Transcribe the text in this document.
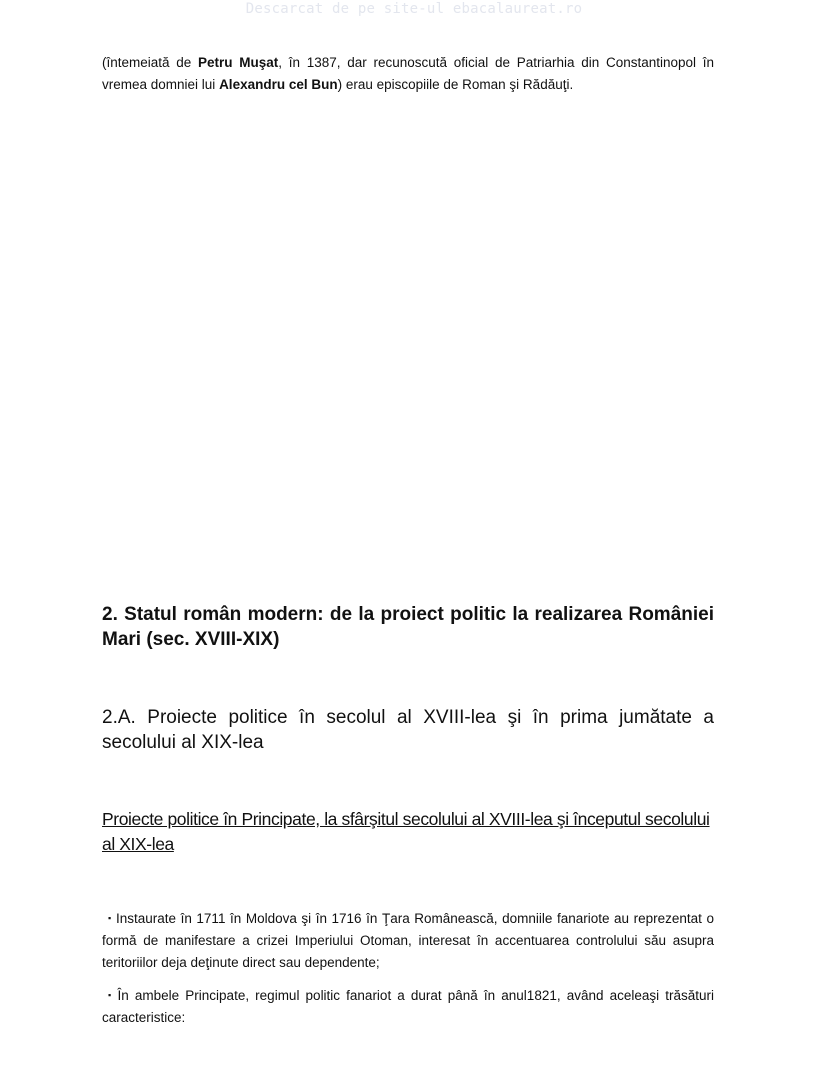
Descarcat de pe site-ul ebacalaureat.ro

(întemeiată de Petru Muşat, în 1387, dar recunoscută oficial de Patriarhia din Constantinopol în vremea domniei lui Alexandru cel Bun) erau episcopiile de Roman şi Rădăuţi.

2. Statul român modern: de la proiect politic la realizarea României Mari (sec. XVIII-XIX)
2.A. Proiecte politice în secolul al XVIII-lea şi în prima jumătate a secolului al XIX-lea
Proiecte politice în Principate, la sfârşitul secolului al XVIII-lea şi începutul secolului al XIX-lea

▪ Instaurate în 1711 în Moldova şi în 1716 în Ţara Românească, domniile fanariote au reprezentat o formă de manifestare a crizei Imperiului Otoman, interesat în accentuarea controlului său asupra teritoriilor deja deţinute direct sau dependente;

▪ În ambele Principate, regimul politic fanariot a durat până în anul1821, având aceleaşi trăsături caracteristice:
